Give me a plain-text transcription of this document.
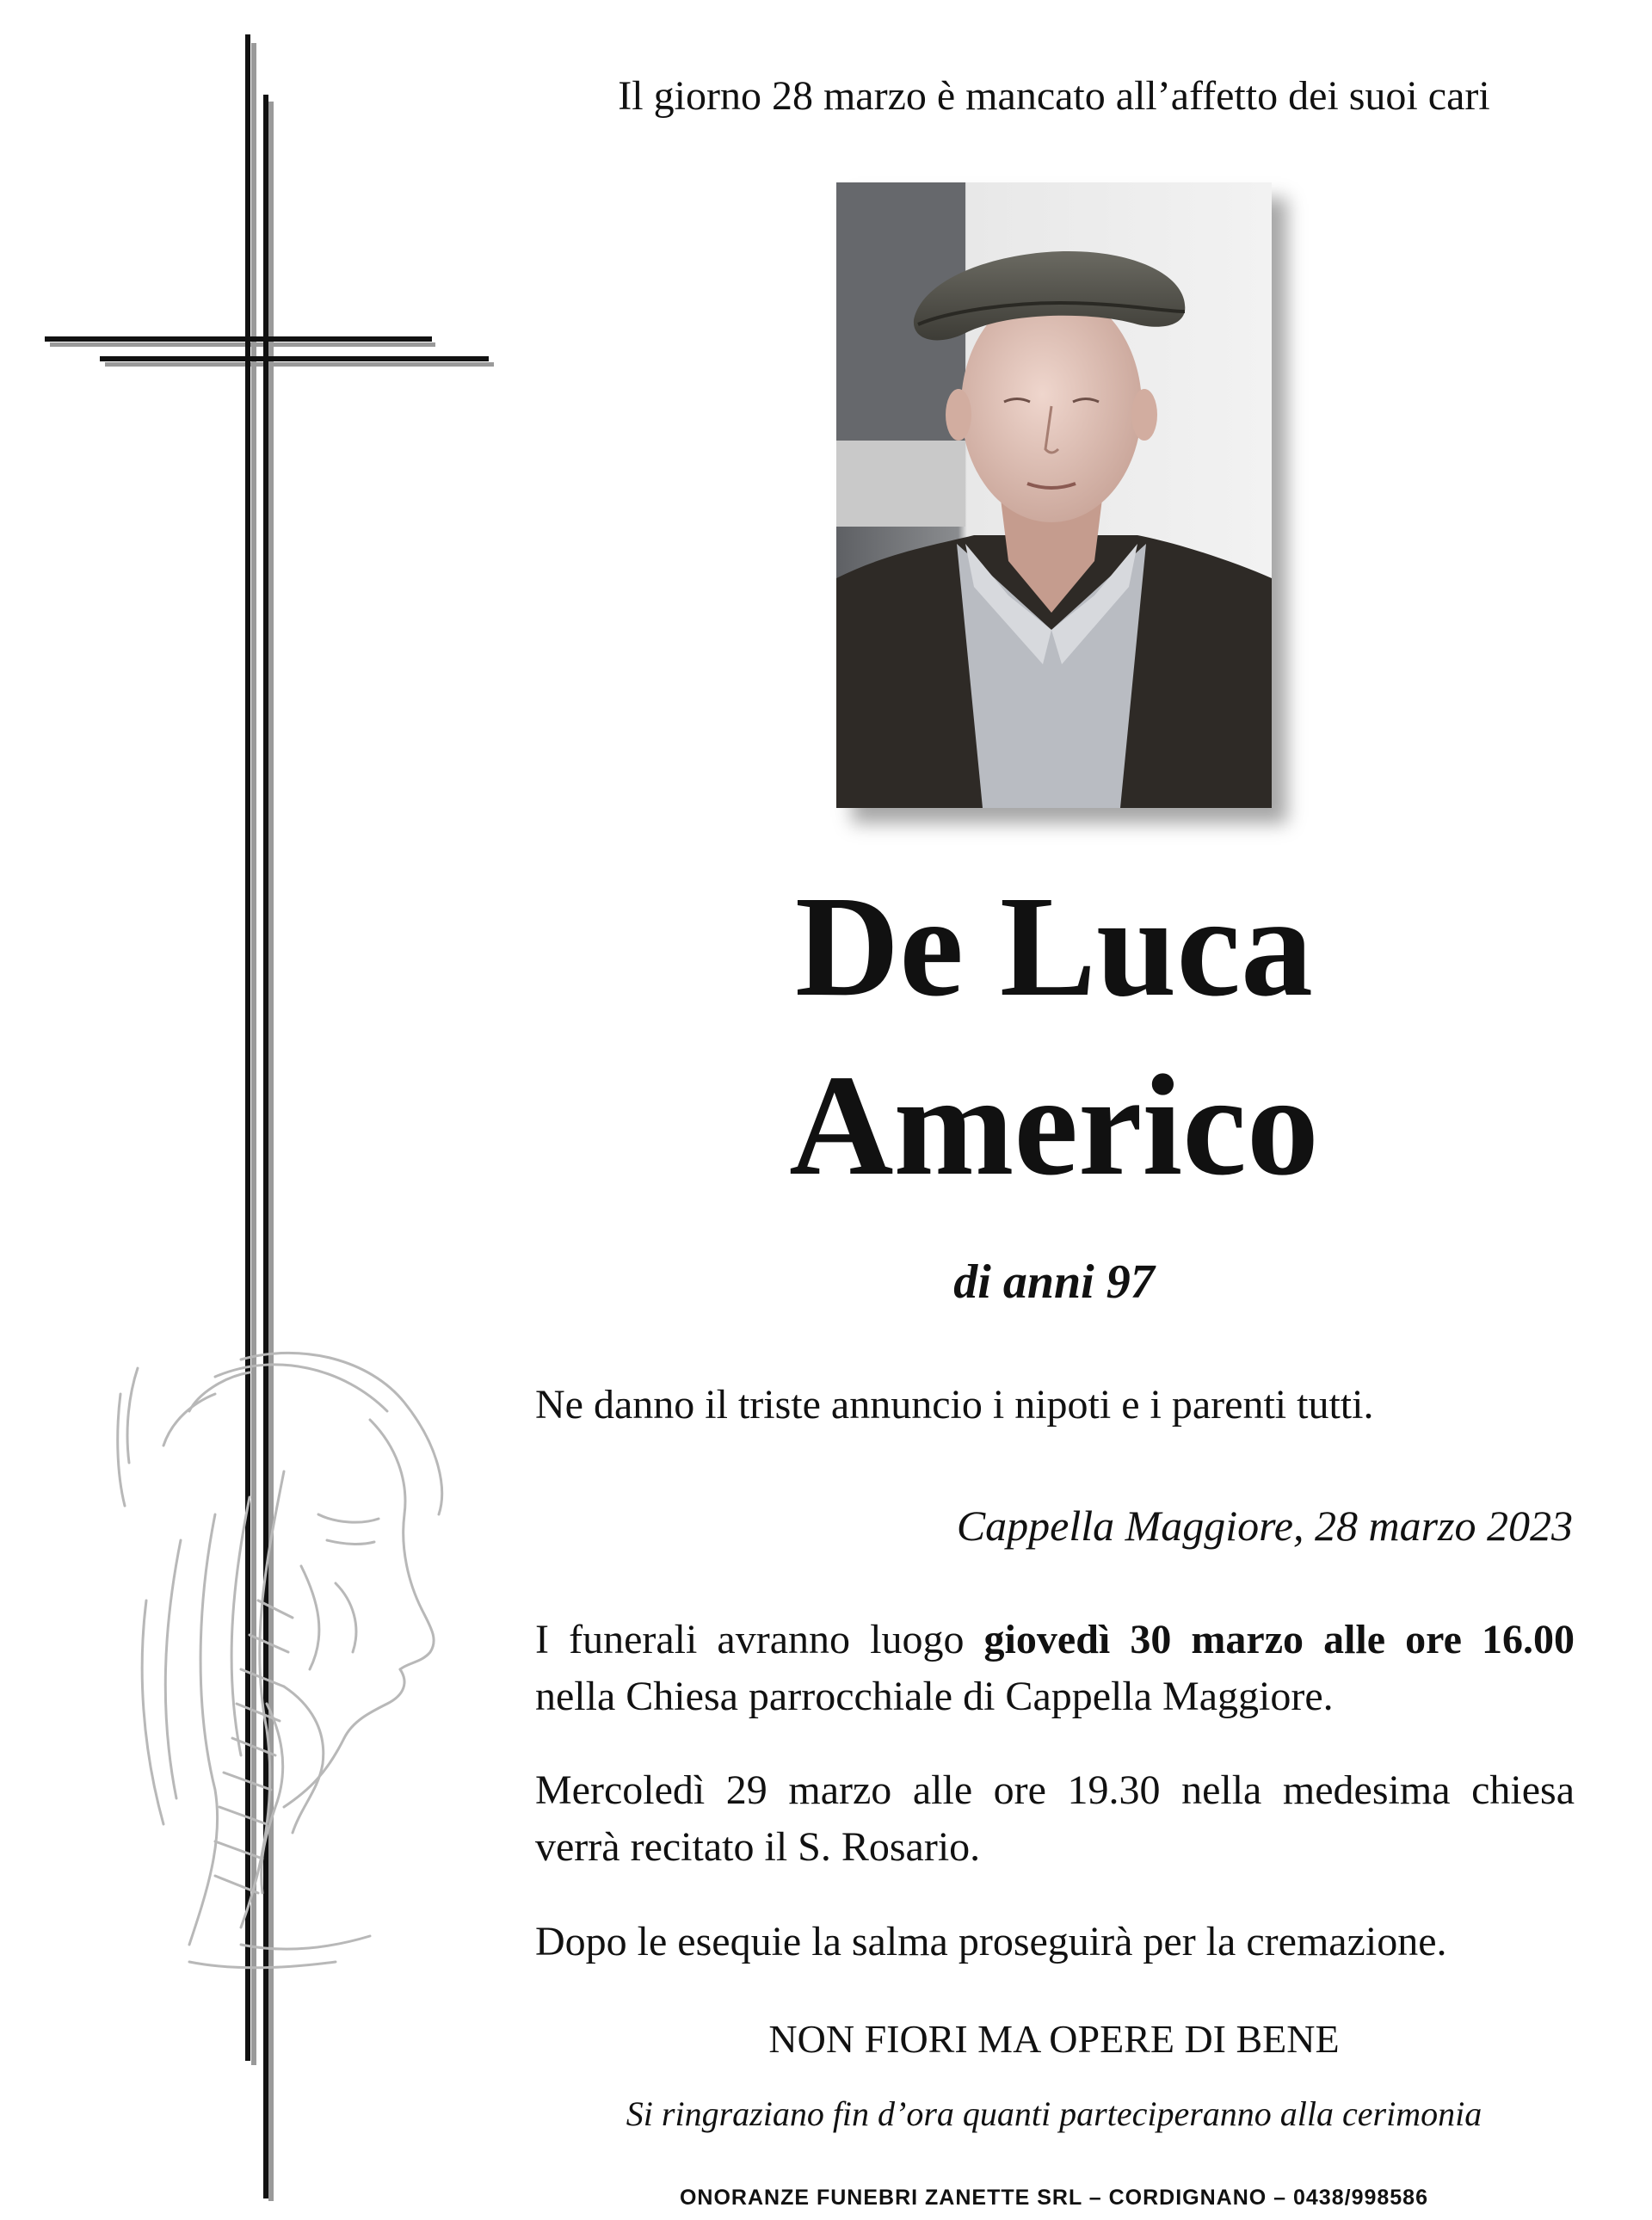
Il giorno 28 marzo è mancato all’affetto dei suoi cari
De Luca
Americo
di anni 97
Ne danno il triste annuncio i nipoti e i parenti tutti.
Cappella Maggiore, 28 marzo 2023
I funerali avranno luogo giovedì 30 marzo alle ore 16.00 nella Chiesa parrocchiale di Cappella Maggiore.
Mercoledì 29 marzo alle ore 19.30 nella medesima chiesa verrà recitato il S. Rosario.
Dopo le esequie la salma proseguirà per la cremazione.
NON FIORI MA OPERE DI BENE
Si ringraziano fin d’ora quanti parteciperanno alla cerimonia
ONORANZE FUNEBRI ZANETTE SRL – CORDIGNANO – 0438/998586
